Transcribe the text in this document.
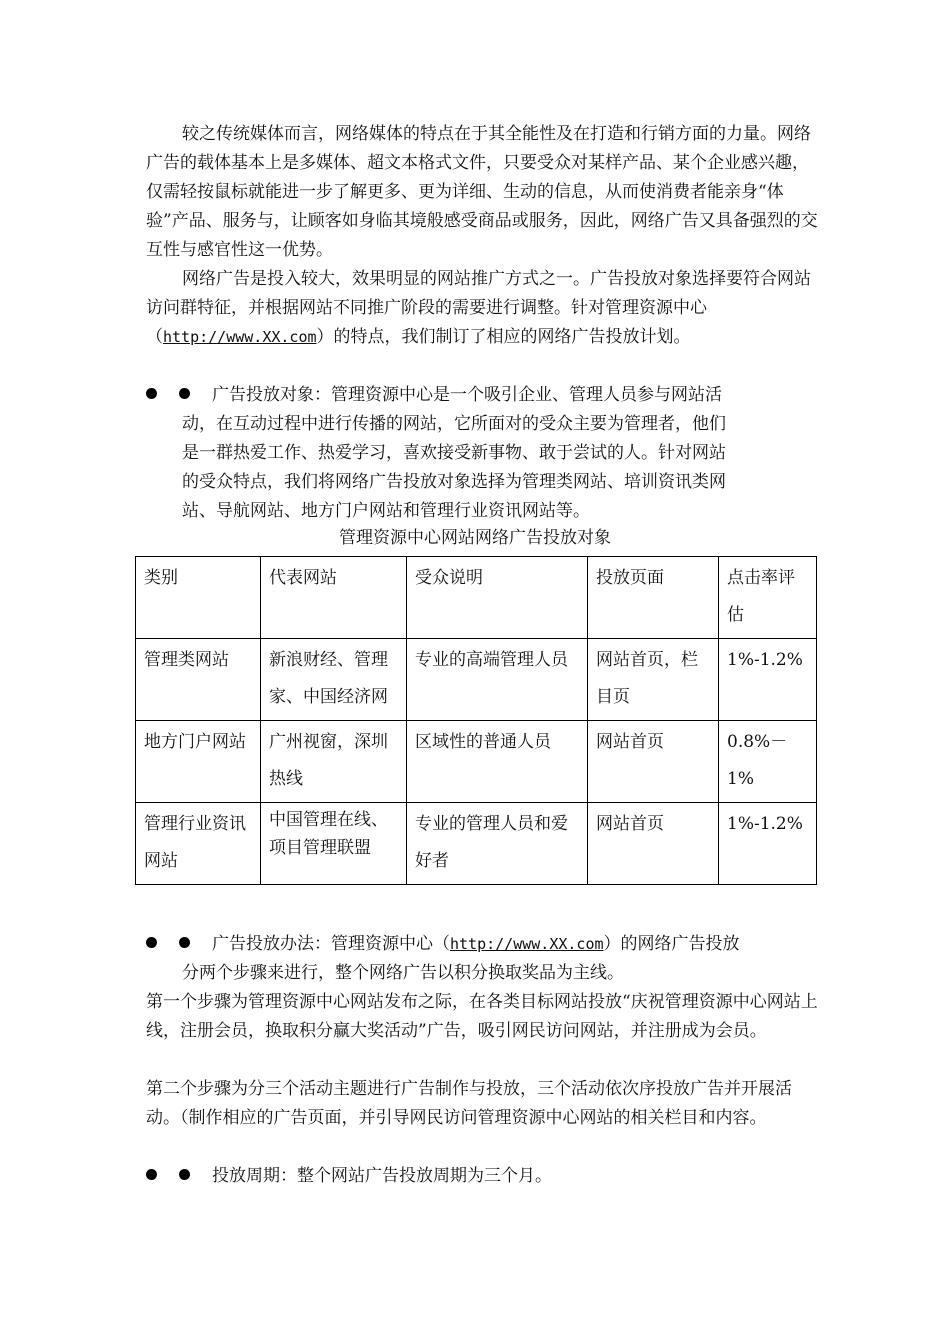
较之传统媒体而言，网络媒体的特点在于其全能性及在打造和行销方面的力量。网络广告的载体基本上是多媒体、超文本格式文件，只要受众对某样产品、某个企业感兴趣，仅需轻按鼠标就能进一步了解更多、更为详细、生动的信息，从而使消费者能亲身“体验”产品、服务与，让顾客如身临其境般感受商品或服务，因此，网络广告又具备强烈的交互性与感官性这一优势。

网络广告是投入较大，效果明显的网站推广方式之一。广告投放对象选择要符合网站访问群特征，并根据网站不同推广阶段的需要进行调整。针对管理资源中心（http://www.XX.com）的特点，我们制订了相应的网络广告投放计划。

广告投放对象：管理资源中心是一个吸引企业、管理人员参与网站活
动，在互动过程中进行传播的网站，它所面对的受众主要为管理者，他们
是一群热爱工作、热爱学习，喜欢接受新事物、敢于尝试的人。针对网站
的受众特点，我们将网络广告投放对象选择为管理类网站、培训资讯类网
站、导航网站、地方门户网站和管理行业资讯网站等。
管理资源中心网站网络广告投放对象
类别	代表网站	受众说明	投放页面	点击率评估
管理类网站	新浪财经、管理家、中国经济网	专业的高端管理人员	网站首页，栏目页	1%-1.2%
地方门户网站	广州视窗，深圳热线	区域性的普通人员	网站首页	0.8%－1%
管理行业资讯网站	中国管理在线、项目管理联盟	专业的管理人员和爱好者	网站首页	1%-1.2%
广告投放办法：管理资源中心（http://www.XX.com）的网络广告投放
分两个步骤来进行，整个网络广告以积分换取奖品为主线。
第一个步骤为管理资源中心网站发布之际，在各类目标网站投放“庆祝管理资源中心网站上线，注册会员，换取积分赢大奖活动”广告，吸引网民访问网站，并注册成为会员。
第二个步骤为分三个活动主题进行广告制作与投放，三个活动依次序投放广告并开展活动。（制作相应的广告页面，并引导网民访问管理资源中心网站的相关栏目和内容。
投放周期：整个网站广告投放周期为三个月。
